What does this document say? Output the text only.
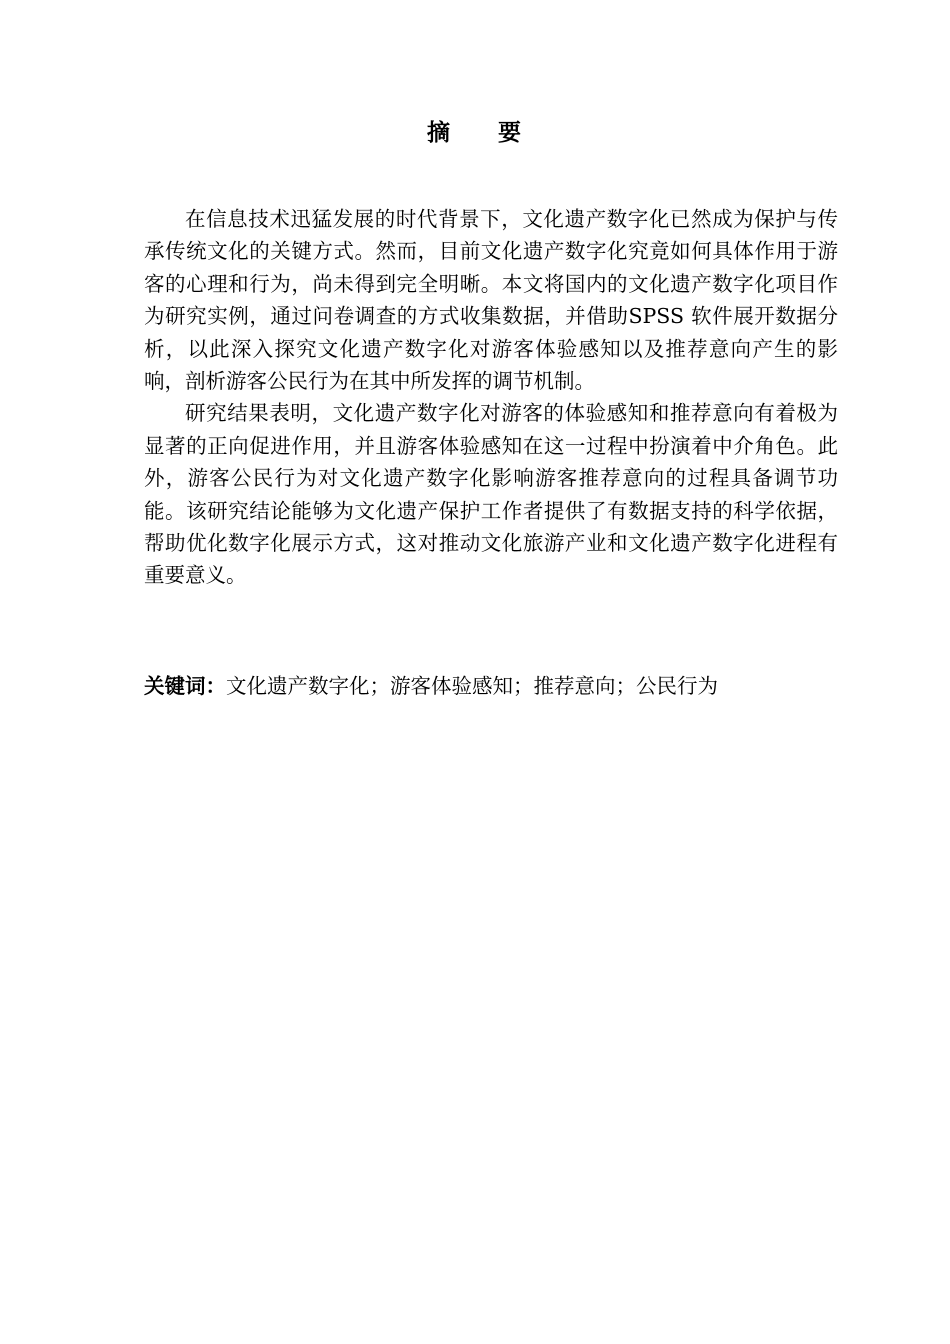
摘 要

在信息技术迅猛发展的时代背景下，文化遗产数字化已然成为保护与传承传统文化的关键方式。然而，目前文化遗产数字化究竟如何具体作用于游客的心理和行为，尚未得到完全明晰。本文将国内的文化遗产数字化项目作为研究实例，通过问卷调查的方式收集数据，并借助SPSS 软件展开数据分析，以此深入探究文化遗产数字化对游客体验感知以及推荐意向产生的影响，剖析游客公民行为在其中所发挥的调节机制。

研究结果表明，文化遗产数字化对游客的体验感知和推荐意向有着极为显著的正向促进作用，并且游客体验感知在这一过程中扮演着中介角色。此外，游客公民行为对文化遗产数字化影响游客推荐意向的过程具备调节功能。该研究结论能够为文化遗产保护工作者提供了有数据支持的科学依据，帮助优化数字化展示方式，这对推动文化旅游产业和文化遗产数字化进程有重要意义。

关键词：文化遗产数字化；游客体验感知；推荐意向；公民行为
